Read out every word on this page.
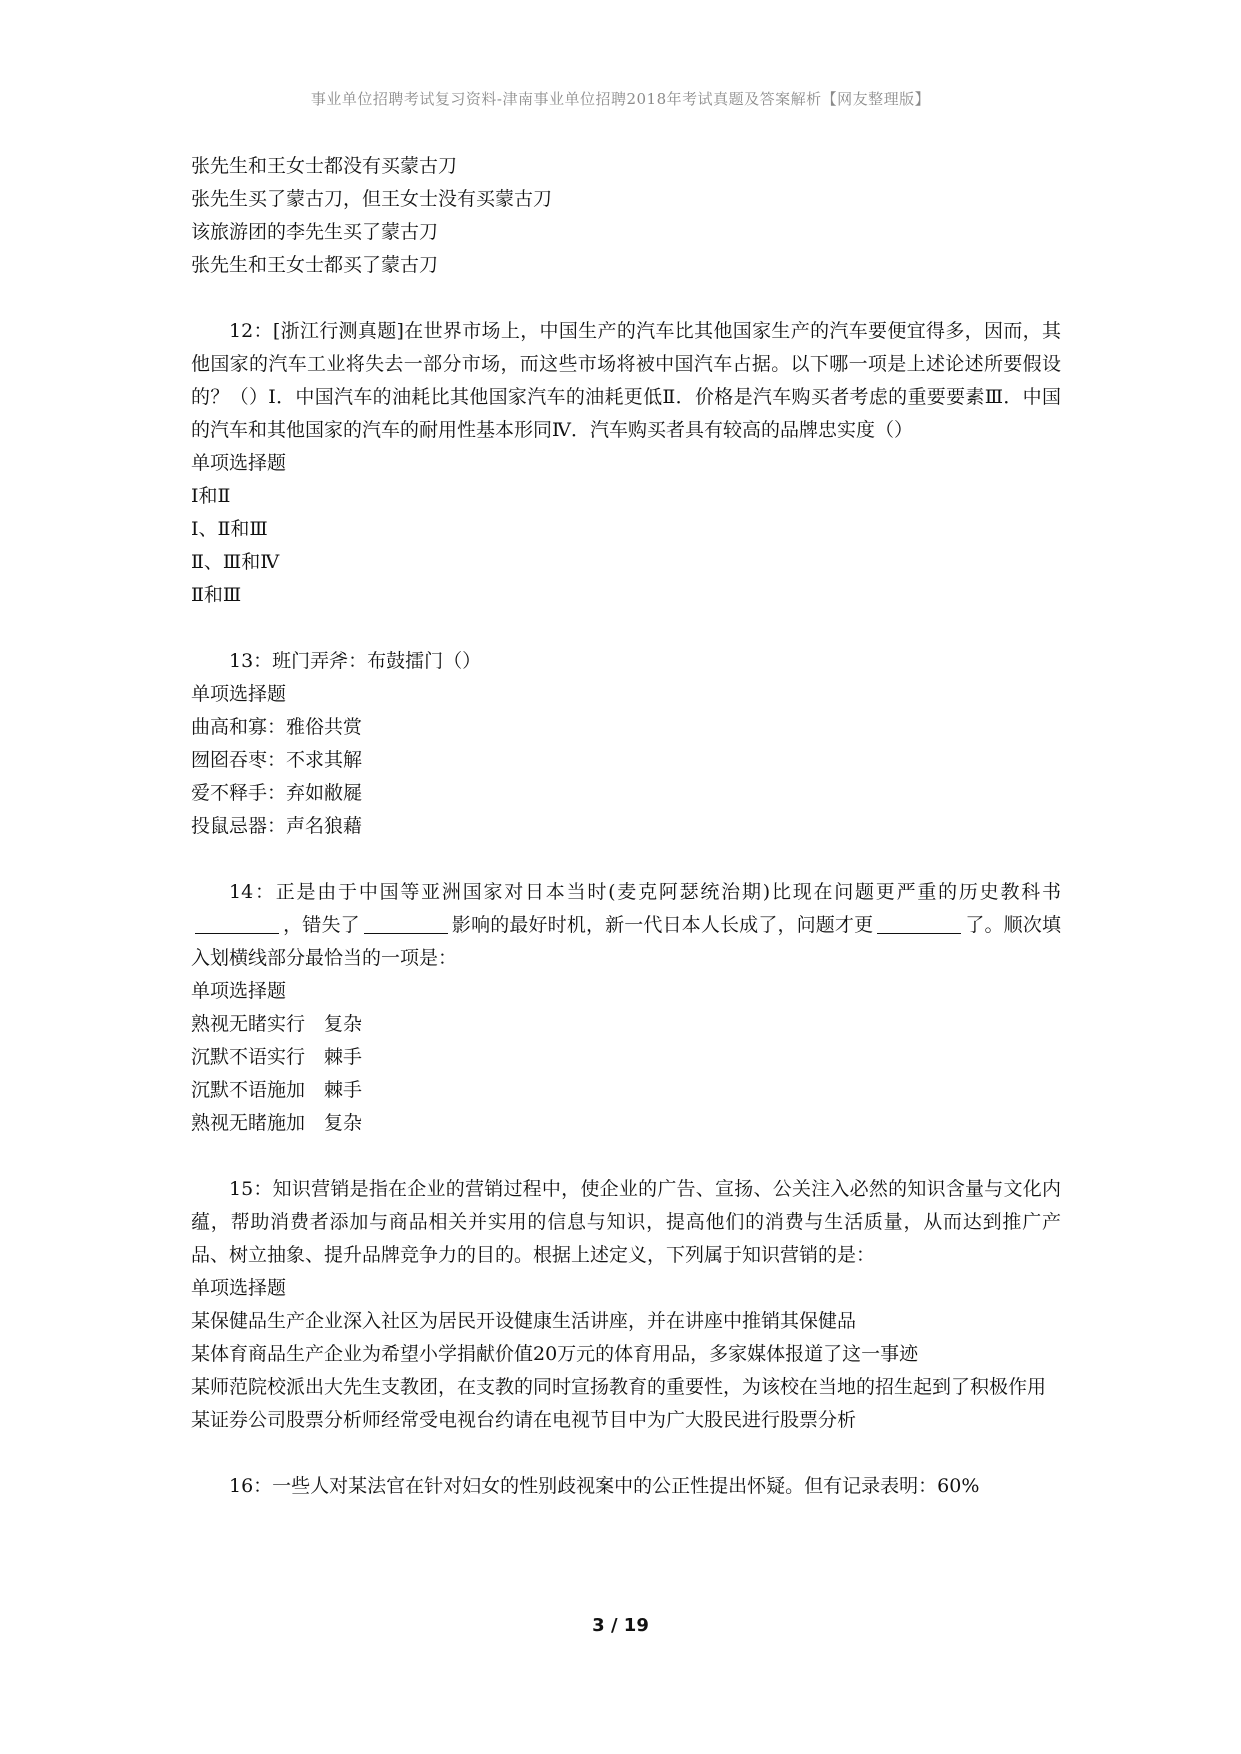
事业单位招聘考试复习资料-津南事业单位招聘2018年考试真题及答案解析【网友整理版】
张先生和王女士都没有买蒙古刀
张先生买了蒙古刀，但王女士没有买蒙古刀
该旅游团的李先生买了蒙古刀
张先生和王女士都买了蒙古刀
12：[浙江行测真题]在世界市场上，中国生产的汽车比其他国家生产的汽车要便宜得多，因而，其他国家的汽车工业将失去一部分市场，而这些市场将被中国汽车占据。以下哪一项是上述论述所要假设的？（）Ⅰ．中国汽车的油耗比其他国家汽车的油耗更低Ⅱ．价格是汽车购买者考虑的重要要素Ⅲ．中国的汽车和其他国家的汽车的耐用性基本形同Ⅳ．汽车购买者具有较高的品牌忠实度（）
单项选择题
Ⅰ和Ⅱ
Ⅰ、Ⅱ和Ⅲ
Ⅱ、Ⅲ和Ⅳ
Ⅱ和Ⅲ
13：班门弄斧：布鼓擂门（）
单项选择题
曲高和寡：雅俗共赏
囫囵吞枣：不求其解
爱不释手：弃如敝屣
投鼠忌器：声名狼藉
14：正是由于中国等亚洲国家对日本当时(麦克阿瑟统治期)比现在问题更严重的历史教科书，错失了	影响的最好时机，新一代日本人长成了，问题才更	了。顺次填入划横线部分最恰当的一项是：
单项选择题
熟视无睹实行　复杂
沉默不语实行　棘手
沉默不语施加　棘手
熟视无睹施加　复杂
15：知识营销是指在企业的营销过程中，使企业的广告、宣扬、公关注入必然的知识含量与文化内蕴，帮助消费者添加与商品相关并实用的信息与知识，提高他们的消费与生活质量，从而达到推广产品、树立抽象、提升品牌竞争力的目的。根据上述定义，下列属于知识营销的是：
单项选择题
某保健品生产企业深入社区为居民开设健康生活讲座，并在讲座中推销其保健品
某体育商品生产企业为希望小学捐献价值20万元的体育用品，多家媒体报道了这一事迹
某师范院校派出大先生支教团，在支教的同时宣扬教育的重要性，为该校在当地的招生起到了积极作用
某证券公司股票分析师经常受电视台约请在电视节目中为广大股民进行股票分析
16：一些人对某法官在针对妇女的性别歧视案中的公正性提出怀疑。但有记录表明：60%
3 / 19
